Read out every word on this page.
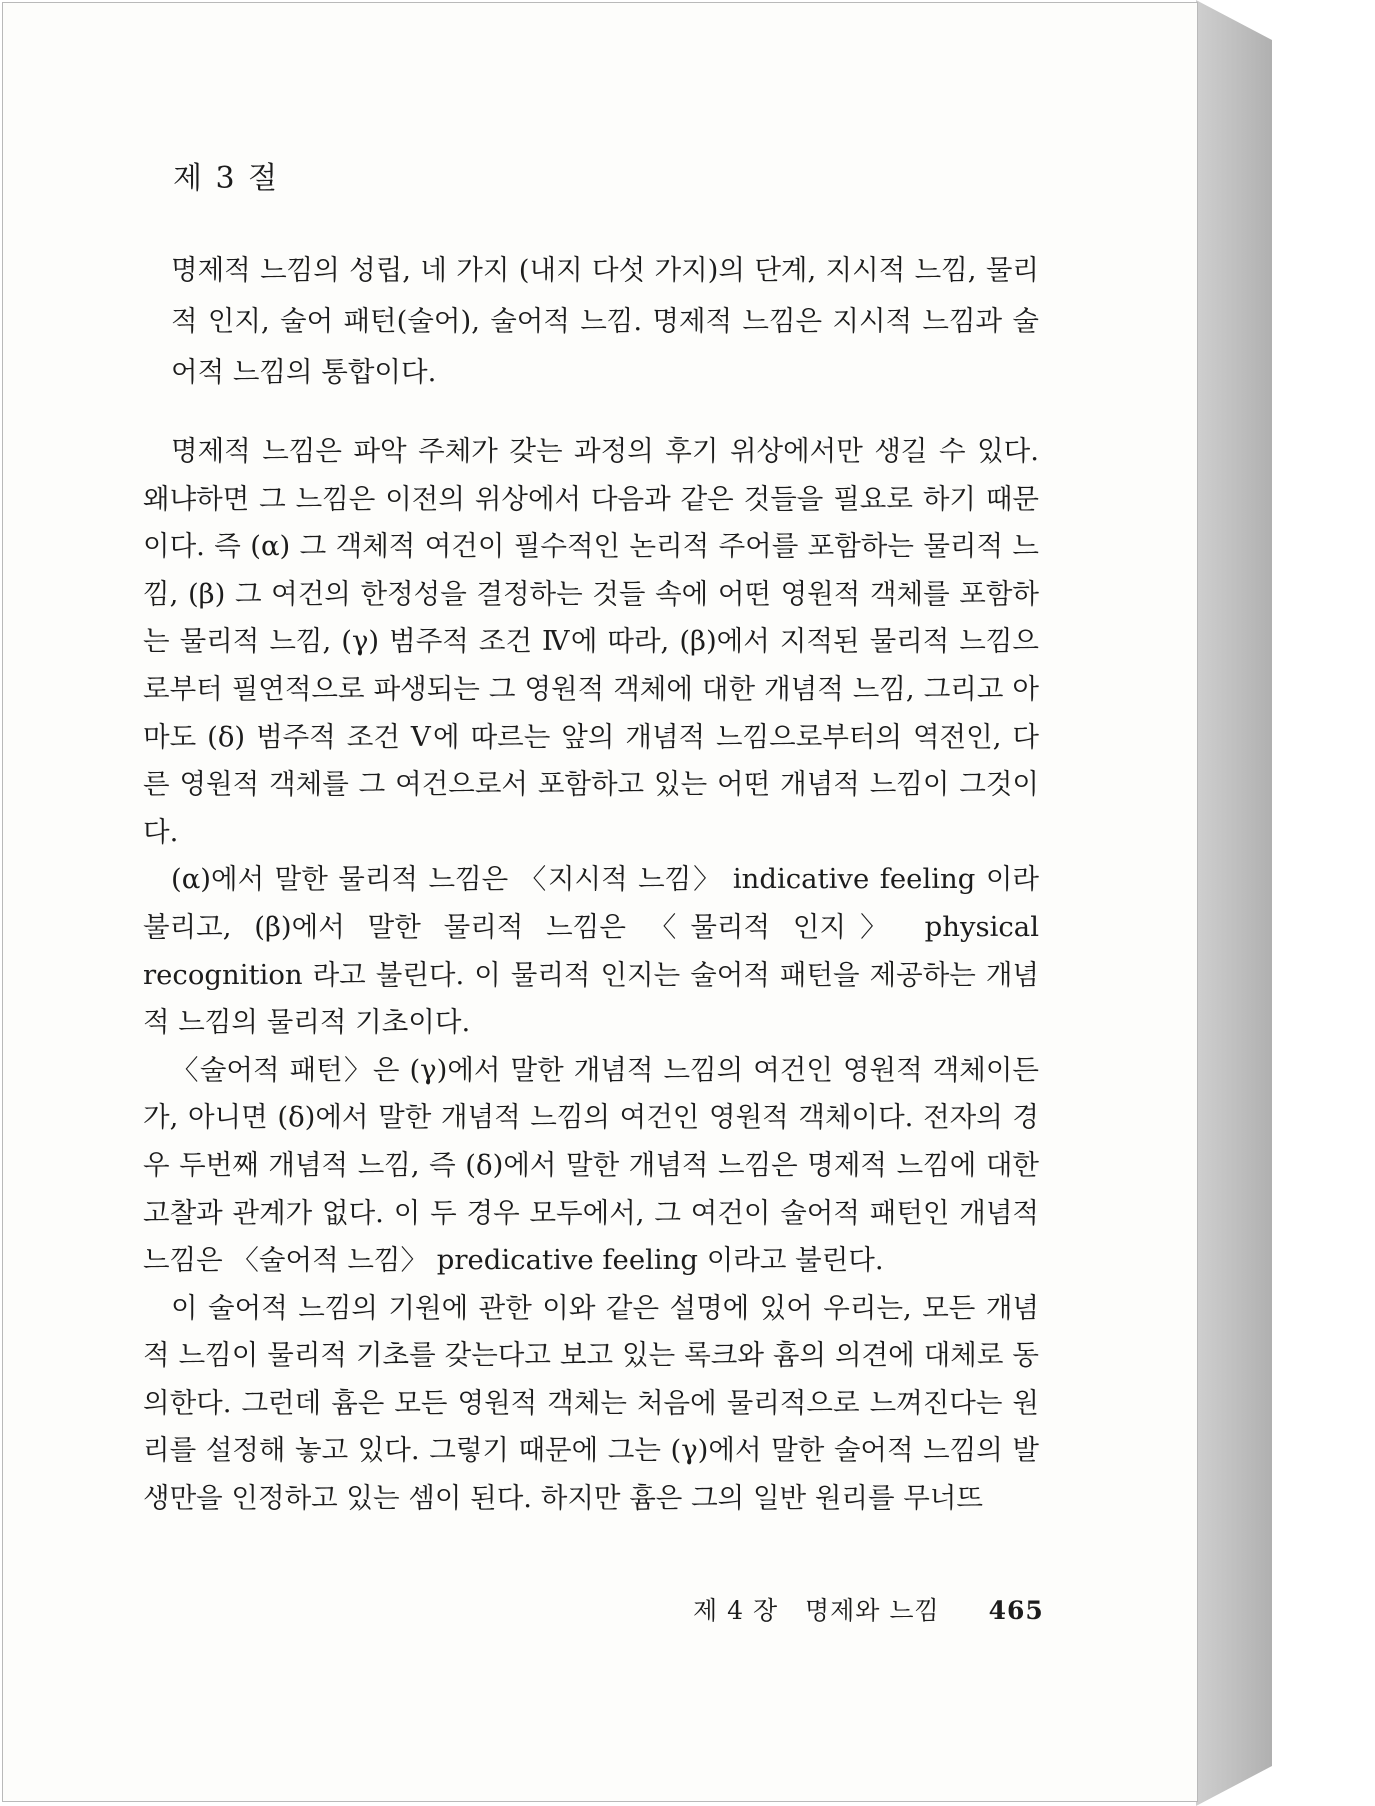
제 3 절
명제적 느낌의 성립, 네 가지 (내지 다섯 가지)의 단계, 지시적 느낌, 물리적 인지, 술어 패턴(술어), 술어적 느낌. 명제적 느낌은 지시적 느낌과 술어적 느낌의 통합이다.

명제적 느낌은 파악 주체가 갖는 과정의 후기 위상에서만 생길 수 있다. 왜냐하면 그 느낌은 이전의 위상에서 다음과 같은 것들을 필요로 하기 때문이다. 즉 (α) 그 객체적 여건이 필수적인 논리적 주어를 포함하는 물리적 느낌, (β) 그 여건의 한정성을 결정하는 것들 속에 어떤 영원적 객체를 포함하는 물리적 느낌, (γ) 범주적 조건 Ⅳ에 따라, (β)에서 지적된 물리적 느낌으로부터 필연적으로 파생되는 그 영원적 객체에 대한 개념적 느낌, 그리고 아마도 (δ) 범주적 조건 Ⅴ에 따르는 앞의 개념적 느낌으로부터의 역전인, 다른 영원적 객체를 그 여건으로서 포함하고 있는 어떤 개념적 느낌이 그것이다.

(α)에서 말한 물리적 느낌은 〈지시적 느낌〉 indicative feeling 이라 불리고, (β)에서 말한 물리적 느낌은 〈물리적 인지〉 physical recognition 라고 불린다. 이 물리적 인지는 술어적 패턴을 제공하는 개념적 느낌의 물리적 기초이다.

〈술어적 패턴〉은 (γ)에서 말한 개념적 느낌의 여건인 영원적 객체이든가, 아니면 (δ)에서 말한 개념적 느낌의 여건인 영원적 객체이다. 전자의 경우 두번째 개념적 느낌, 즉 (δ)에서 말한 개념적 느낌은 명제적 느낌에 대한 고찰과 관계가 없다. 이 두 경우 모두에서, 그 여건이 술어적 패턴인 개념적 느낌은 〈술어적 느낌〉 predicative feeling 이라고 불린다.

이 술어적 느낌의 기원에 관한 이와 같은 설명에 있어 우리는, 모든 개념적 느낌이 물리적 기초를 갖는다고 보고 있는 록크와 흄의 의견에 대체로 동의한다. 그런데 흄은 모든 영원적 객체는 처음에 물리적으로 느껴진다는 원리를 설정해 놓고 있다. 그렇기 때문에 그는 (γ)에서 말한 술어적 느낌의 발생만을 인정하고 있는 셈이 된다. 하지만 흄은 그의 일반 원리를 무너뜨

제 4 장 명제와 느낌 465
